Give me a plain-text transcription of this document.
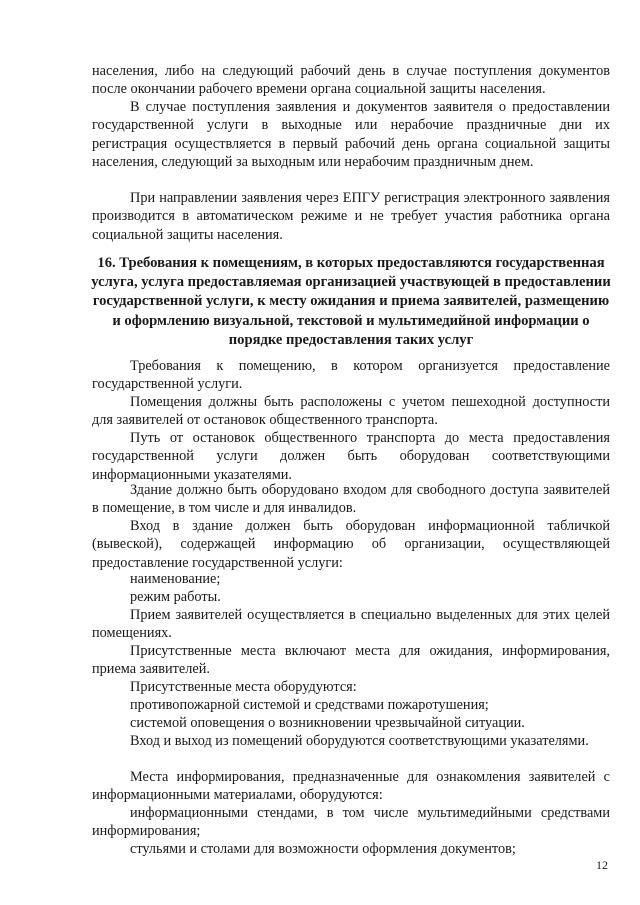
населения, либо на следующий рабочий день в случае поступления документов после окончании рабочего времени органа социальной защиты населения.

В случае поступления заявления и документов заявителя о предоставлении государственной услуги в выходные или нерабочие праздничные дни их регистрация осуществляется в первый рабочий день органа социальной защиты населения, следующий за выходным или нерабочим праздничным днем.

При направлении заявления через ЕПГУ регистрация электронного заявления производится в автоматическом режиме и не требует участия работника органа социальной защиты населения.

16. Требования к помещениям, в которых предоставляются государственная услуга, услуга предоставляемая организацией участвующей в предоставлении государственной услуги, к месту ожидания и приема заявителей, размещению и оформлению визуальной, текстовой и мультимедийной информации о порядке предоставления таких услуг

Требования к помещению, в котором организуется предоставление государственной услуги.

Помещения должны быть расположены с учетом пешеходной доступности для заявителей от остановок общественного транспорта.

Путь от остановок общественного транспорта до места предоставления государственной услуги должен быть оборудован соответствующими информационными указателями.

Здание должно быть оборудовано входом для свободного доступа заявителей в помещение, в том числе и для инвалидов.

Вход в здание должен быть оборудован информационной табличкой (вывеской), содержащей информацию об организации, осуществляющей предоставление государственной услуги:

наименование;

режим работы.

Прием заявителей осуществляется в специально выделенных для этих целей помещениях.

Присутственные места включают места для ожидания, информирования, приема заявителей.

Присутственные места оборудуются:

противопожарной системой и средствами пожаротушения;

системой оповещения о возникновении чрезвычайной ситуации.

Вход и выход из помещений оборудуются соответствующими указателями.

Места информирования, предназначенные для ознакомления заявителей с информационными материалами, оборудуются:

информационными стендами, в том числе мультимедийными средствами информирования;

стульями и столами для возможности оформления документов;

12
